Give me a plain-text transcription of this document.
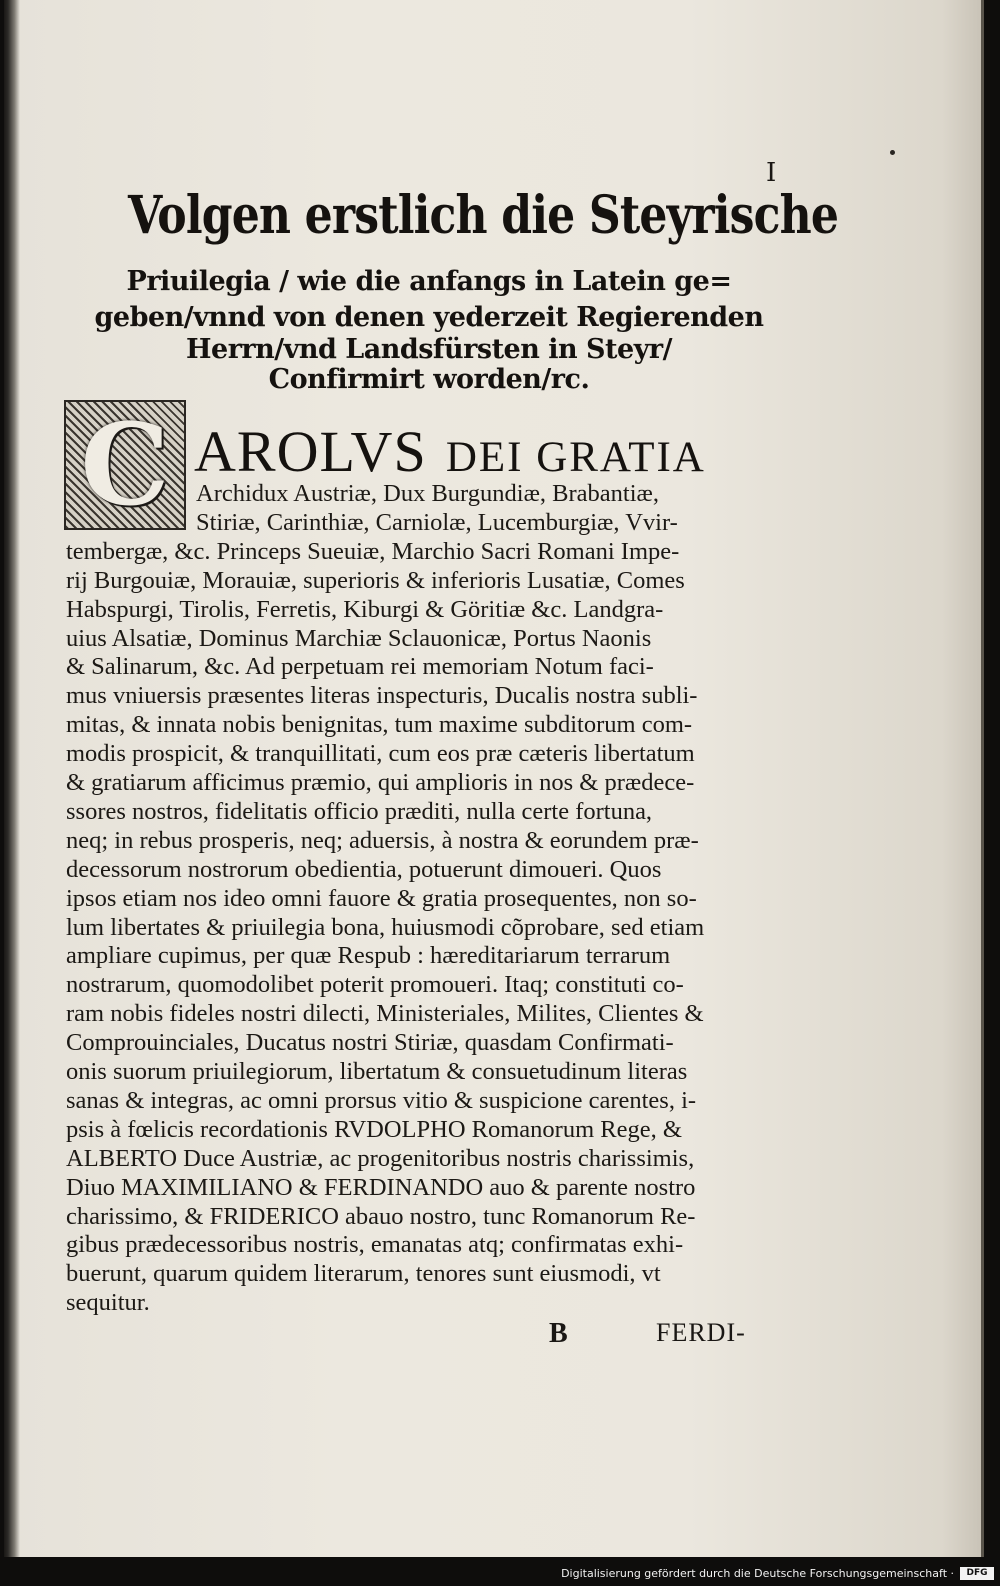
I
Volgen erstlich die Steyrische
Priuilegia / wie die anfangs in Latein ge=
geben/vnnd von denen yederzeit Regierenden
Herrn/vnd Landsfürsten in Steyr/
Confirmirt worden/rc.
C AROLVS DEI GRATIA
Archidux Austriæ, Dux Burgundiæ, Brabantiæ,
Stiriæ, Carinthiæ, Carniolæ, Lucemburgiæ, Vvir-
tembergæ, &c. Princeps Sueuiæ, Marchio Sacri Romani Impe-
rij Burgouiæ, Morauiæ, superioris & inferioris Lusatiæ, Comes
Habspurgi, Tirolis, Ferretis, Kiburgi & Göritiæ &c. Landgra-
uius Alsatiæ, Dominus Marchiæ Sclauonicæ, Portus Naonis
& Salinarum, &c. Ad perpetuam rei memoriam Notum faci-
mus vniuersis præsentes literas inspecturis, Ducalis nostra subli-
mitas, & innata nobis benignitas, tum maxime subditorum com-
modis prospicit, & tranquillitati, cum eos præ cæteris libertatum
& gratiarum afficimus præmio, qui amplioris in nos & prædece-
ssores nostros, fidelitatis officio præditi, nulla certe fortuna,
neq; in rebus prosperis, neq; aduersis, à nostra & eorundem præ-
decessorum nostrorum obedientia, potuerunt dimoueri. Quos
ipsos etiam nos ideo omni fauore & gratia prosequentes, non so-
lum libertates & priuilegia bona, huiusmodi cõprobare, sed etiam
ampliare cupimus, per quæ Respub : hæreditariarum terrarum
nostrarum, quomodolibet poterit promoueri. Itaq; constituti co-
ram nobis fideles nostri dilecti, Ministeriales, Milites, Clientes &
Comprouinciales, Ducatus nostri Stiriæ, quasdam Confirmati-
onis suorum priuilegiorum, libertatum & consuetudinum literas
sanas & integras, ac omni prorsus vitio & suspicione carentes, i-
psis à fœlicis recordationis RVDOLPHO Romanorum Rege, &
ALBERTO Duce Austriæ, ac progenitoribus nostris charissimis,
Diuo MAXIMILIANO & FERDINANDO auo & parente nostro
charissimo, & FRIDERICO abauo nostro, tunc Romanorum Re-
gibus prædecessoribus nostris, emanatas atq; confirmatas exhi-
buerunt, quarum quidem literarum, tenores sunt eiusmodi, vt
sequitur.
B	FERDI-
Digitalisierung gefördert durch die Deutsche Forschungsgemeinschaft ·	DFG
